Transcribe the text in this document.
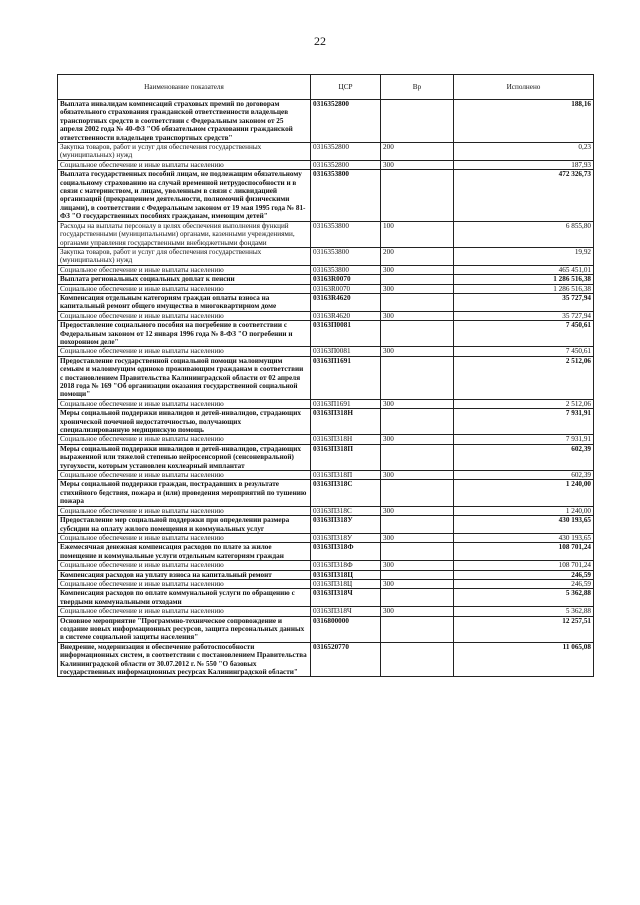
22
Наименование показателя	ЦСР	Вр	Исполнено
Выплата инвалидам компенсаций страховых премий по договорам обязательного страхования гражданской ответственности владельцев транспортных средств в соответствии с Федеральным законом от 25 апреля 2002 года № 40-ФЗ "Об обязательном страховании гражданской ответственности владельцев транспортных средств"	0316352800		188,16
Закупка товаров, работ и услуг для обеспечения государственных (муниципальных) нужд	0316352800	200	0,23
Социальное обеспечение и иные выплаты населению	0316352800	300	187,93
Выплата государственных пособий лицам, не подлежащим обязательному социальному страхованию на случай временной нетрудоспособности и в связи с материнством, и лицам, уволенным в связи с ликвидацией организаций (прекращением деятельности, полномочий физическими лицами), в соответствии с Федеральным законом от 19 мая 1995 года № 81-ФЗ "О государственных пособиях гражданам, имеющим детей"	0316353800		472 326,73
Расходы на выплаты персоналу в целях обеспечения выполнения функций государственными (муниципальными) органами, казенными учреждениями, органами управления государственными внебюджетными фондами	0316353800	100	6 855,80
Закупка товаров, работ и услуг для обеспечения государственных (муниципальных) нужд	0316353800	200	19,92
Социальное обеспечение и иные выплаты населению	0316353800	300	465 451,01
Выплата региональных социальных доплат к пенсии	03163R0070		1 286 516,38
Социальное обеспечение и иные выплаты населению	03163R0070	300	1 286 516,38
Компенсация отдельным категориям граждан оплаты взноса на капитальный ремонт общего имущества в многоквартирном доме	03163R4620		35 727,94
Социальное обеспечение и иные выплаты населению	03163R4620	300	35 727,94
Предоставление социального пособия на погребение в соответствии с Федеральным законом от 12 января 1996 года № 8-ФЗ "О погребении и похоронном деле"	03163П0081		7 450,61
Социальное обеспечение и иные выплаты населению	03163П0081	300	7 450,61
Предоставление государственной социальной помощи малоимущим семьям и малоимущим одиноко проживающим гражданам в соответствии с постановлением Правительства Калининградской области от 02 апреля 2018 года № 169 "Об организации оказания государственной социальной помощи"	03163П1691		2 512,06
Социальное обеспечение и иные выплаты населению	03163П1691	300	2 512,06
Меры социальной поддержки инвалидов и детей-инвалидов, страдающих хронической почечной недостаточностью, получающих специализированную медицинскую помощь	03163П318Н		7 931,91
Социальное обеспечение и иные выплаты населению	03163П318Н	300	7 931,91
Меры социальной поддержки инвалидов и детей-инвалидов, страдающих выраженной или тяжелой степенью нейросенсорной (сенсоневральной) тугоухости, которым установлен кохлеарный имплантат	03163П318П		602,39
Социальное обеспечение и иные выплаты населению	03163П318П	300	602,39
Меры социальной поддержки граждан, пострадавших в результате стихийного бедствия, пожара и (или) проведения мероприятий по тушению пожара	03163П318С		1 240,00
Социальное обеспечение и иные выплаты населению	03163П318С	300	1 240,00
Предоставление мер социальной поддержки при определении размера субсидии на оплату жилого помещения и коммунальных услуг	03163П318У		430 193,65
Социальное обеспечение и иные выплаты населению	03163П318У	300	430 193,65
Ежемесячная денежная компенсация расходов по плате за жилое помещение и коммунальные услуги отдельным категориям граждан	03163П318Ф		108 701,24
Социальное обеспечение и иные выплаты населению	03163П318Ф	300	108 701,24
Компенсация расходов на уплату взноса на капитальный ремонт	03163П318Ц		246,59
Социальное обеспечение и иные выплаты населению	03163П318Ц	300	246,59
Компенсация расходов по оплате коммунальной услуги по обращению с твердыми коммунальными отходами	03163П318Ч		5 362,88
Социальное обеспечение и иные выплаты населению	03163П318Ч	300	5 362,88
Основное мероприятие "Программно-техническое сопровождение и создание новых информационных ресурсов, защита персональных данных в системе социальной защиты населения"	0316800000		12 257,51
Внедрение, модернизация и обеспечение работоспособности информационных систем, в соответствии с постановлением Правительства Калининградской области от 30.07.2012 г. № 550 "О базовых государственных информационных ресурсах Калининградской области"	0316520770		11 065,08
